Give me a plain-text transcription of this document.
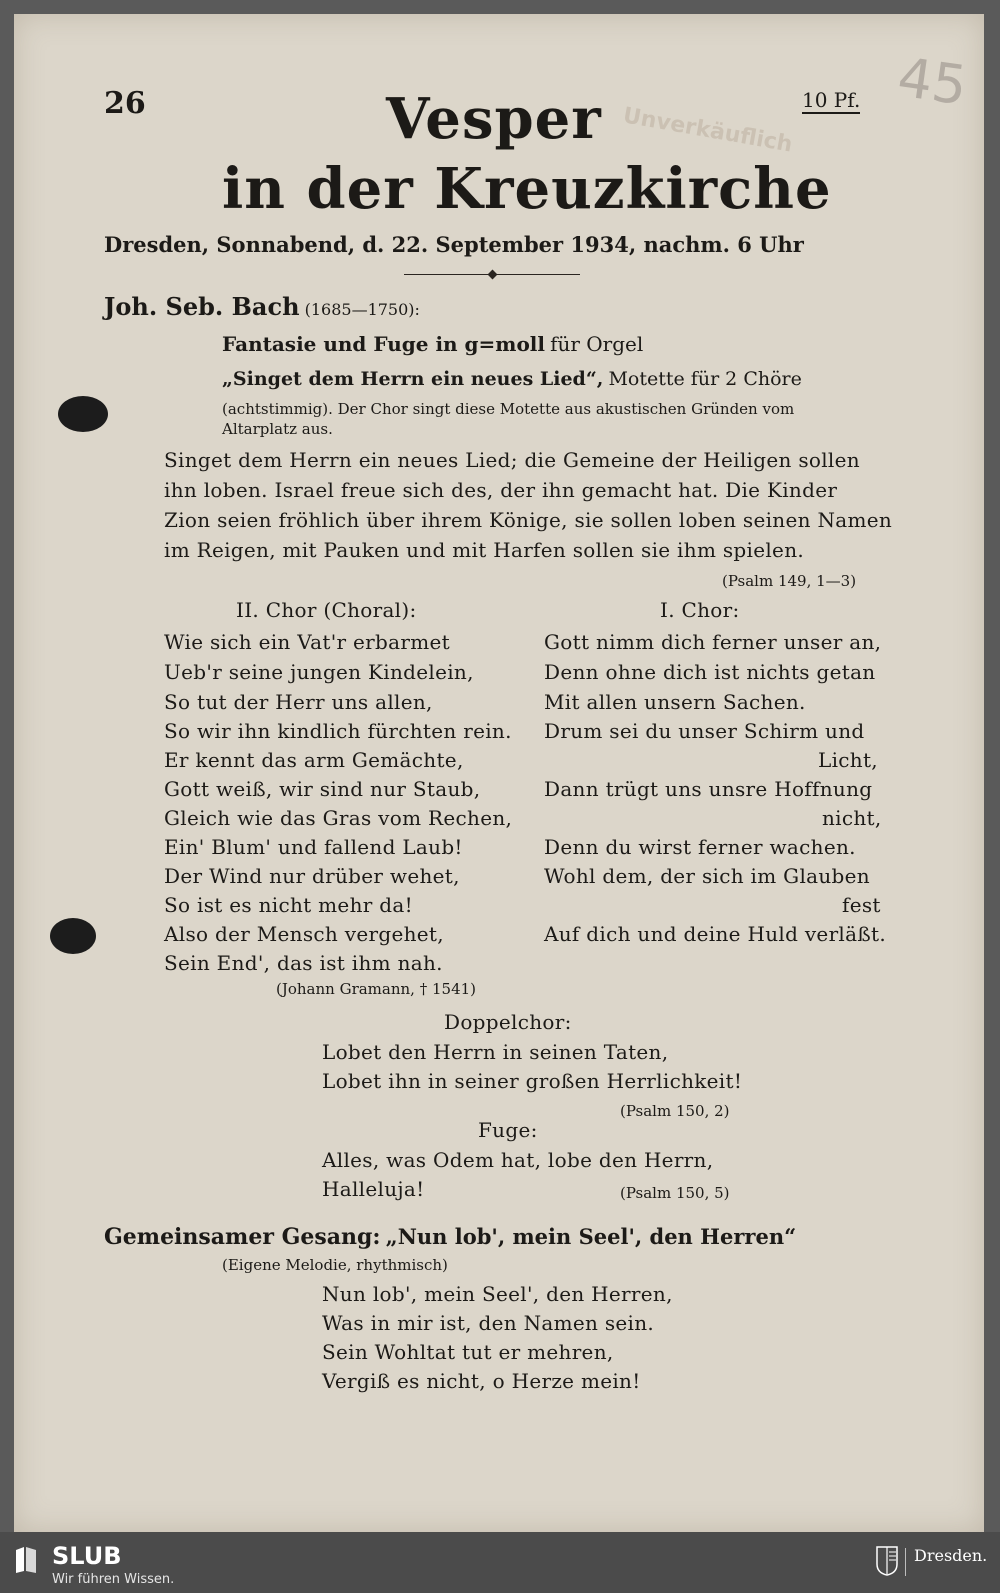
26	10 Pf. 45
Unverkäuflich
Vesper
in der Kreuzkirche
Dresden, Sonnabend, d. 22. September 1934, nachm. 6 Uhr
Joh. Seb. Bach (1685—1750):
Fantasie und Fuge in g=moll für Orgel
„Singet dem Herrn ein neues Lied“, Motette für 2 Chöre
(achtstimmig). Der Chor singt diese Motette aus akustischen Gründen vom
Altarplatz aus.
Singet dem Herrn ein neues Lied; die Gemeine der Heiligen sollen
ihn loben. Israel freue sich des, der ihn gemacht hat. Die Kinder
Zion seien fröhlich über ihrem Könige, sie sollen loben seinen Namen
im Reigen, mit Pauken und mit Harfen sollen sie ihm spielen.
(Psalm 149, 1—3)
II. Chor (Choral):
Wie sich ein Vat'r erbarmet
Ueb'r seine jungen Kindelein,
So tut der Herr uns allen,
So wir ihn kindlich fürchten rein.
Er kennt das arm Gemächte,
Gott weiß, wir sind nur Staub,
Gleich wie das Gras vom Rechen,
Ein' Blum' und fallend Laub!
Der Wind nur drüber wehet,
So ist es nicht mehr da!
Also der Mensch vergehet,
Sein End', das ist ihm nah.
(Johann Gramann, † 1541)
I. Chor:
Gott nimm dich ferner unser an,
Denn ohne dich ist nichts getan
Mit allen unsern Sachen.
Drum sei du unser Schirm und
Licht,
Dann trügt uns unsre Hoffnung
nicht,
Denn du wirst ferner wachen.
Wohl dem, der sich im Glauben
fest
Auf dich und deine Huld verläßt.
Doppelchor:
Lobet den Herrn in seinen Taten,
Lobet ihn in seiner großen Herrlichkeit!
(Psalm 150, 2)
Fuge:
Alles, was Odem hat, lobe den Herrn,
Halleluja!	(Psalm 150, 5)
Gemeinsamer Gesang: „Nun lob', mein Seel', den Herren“
(Eigene Melodie, rhythmisch)
Nun lob', mein Seel', den Herren,
Was in mir ist, den Namen sein.
Sein Wohltat tut er mehren,
Vergiß es nicht, o Herze mein!
SLUB
Wir führen Wissen.
Dresden.
